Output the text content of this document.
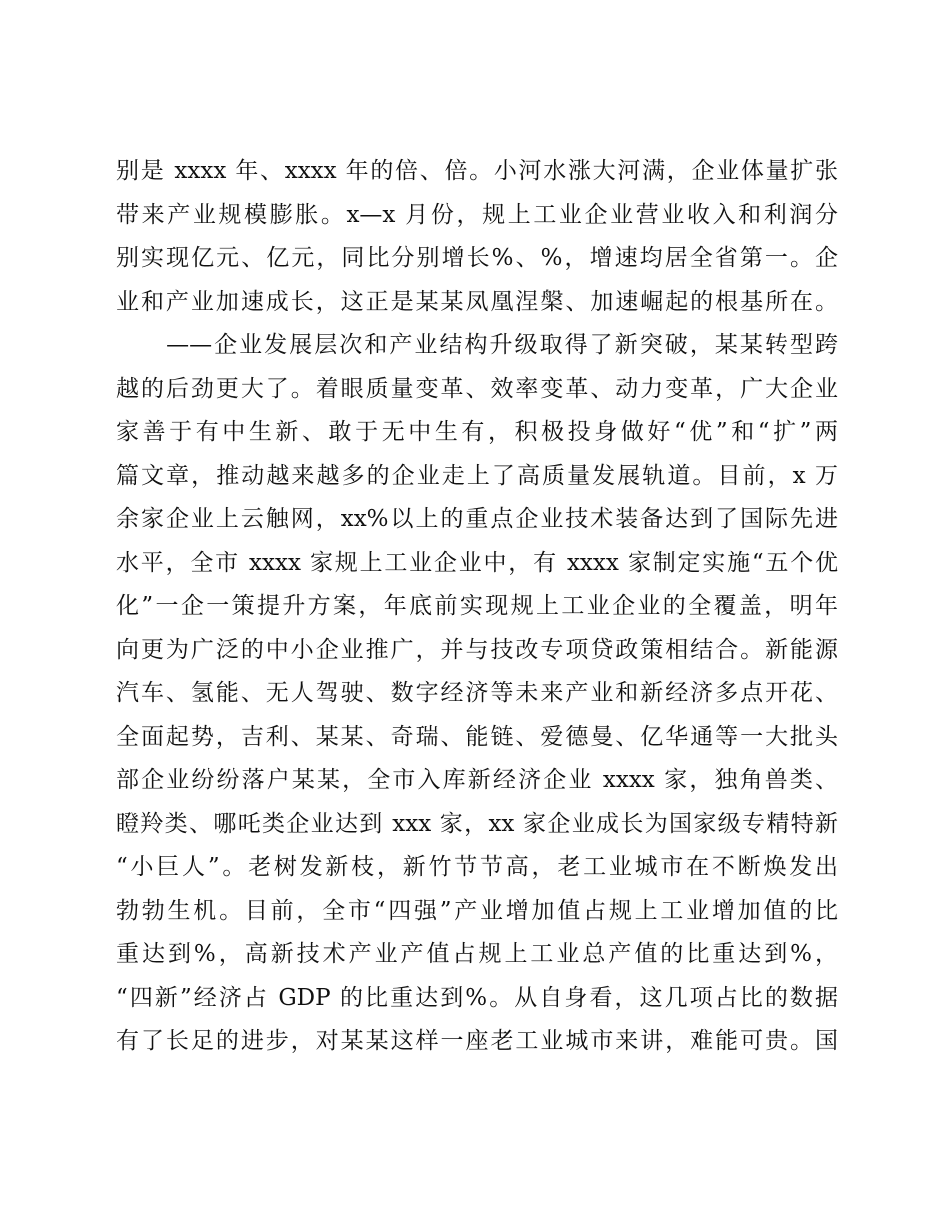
别是 xxxx 年、xxxx 年的倍、倍。小河水涨大河满，企业体量扩张
带来产业规模膨胀。x—x 月份，规上工业企业营业收入和利润分
别实现亿元、亿元，同比分别增长%、%，增速均居全省第一。企
业和产业加速成长，这正是某某凤凰涅槃、加速崛起的根基所在。
　　——企业发展层次和产业结构升级取得了新突破，某某转型跨
越的后劲更大了。着眼质量变革、效率变革、动力变革，广大企业
家善于有中生新、敢于无中生有，积极投身做好“优”和“扩”两
篇文章，推动越来越多的企业走上了高质量发展轨道。目前，x 万
余家企业上云触网，xx%以上的重点企业技术装备达到了国际先进
水平，全市 xxxx 家规上工业企业中，有 xxxx 家制定实施“五个优
化”一企一策提升方案，年底前实现规上工业企业的全覆盖，明年
向更为广泛的中小企业推广，并与技改专项贷政策相结合。新能源
汽车、氢能、无人驾驶、数字经济等未来产业和新经济多点开花、
全面起势，吉利、某某、奇瑞、能链、爱德曼、亿华通等一大批头
部企业纷纷落户某某，全市入库新经济企业 xxxx 家，独角兽类、
瞪羚类、哪吒类企业达到 xxx 家，xx 家企业成长为国家级专精特新
“小巨人”。老树发新枝，新竹节节高，老工业城市在不断焕发出
勃勃生机。目前，全市“四强”产业增加值占规上工业增加值的比
重达到%，高新技术产业产值占规上工业总产值的比重达到%，
“四新”经济占 GDP 的比重达到%。从自身看，这几项占比的数据
有了长足的进步，对某某这样一座老工业城市来讲，难能可贵。国
